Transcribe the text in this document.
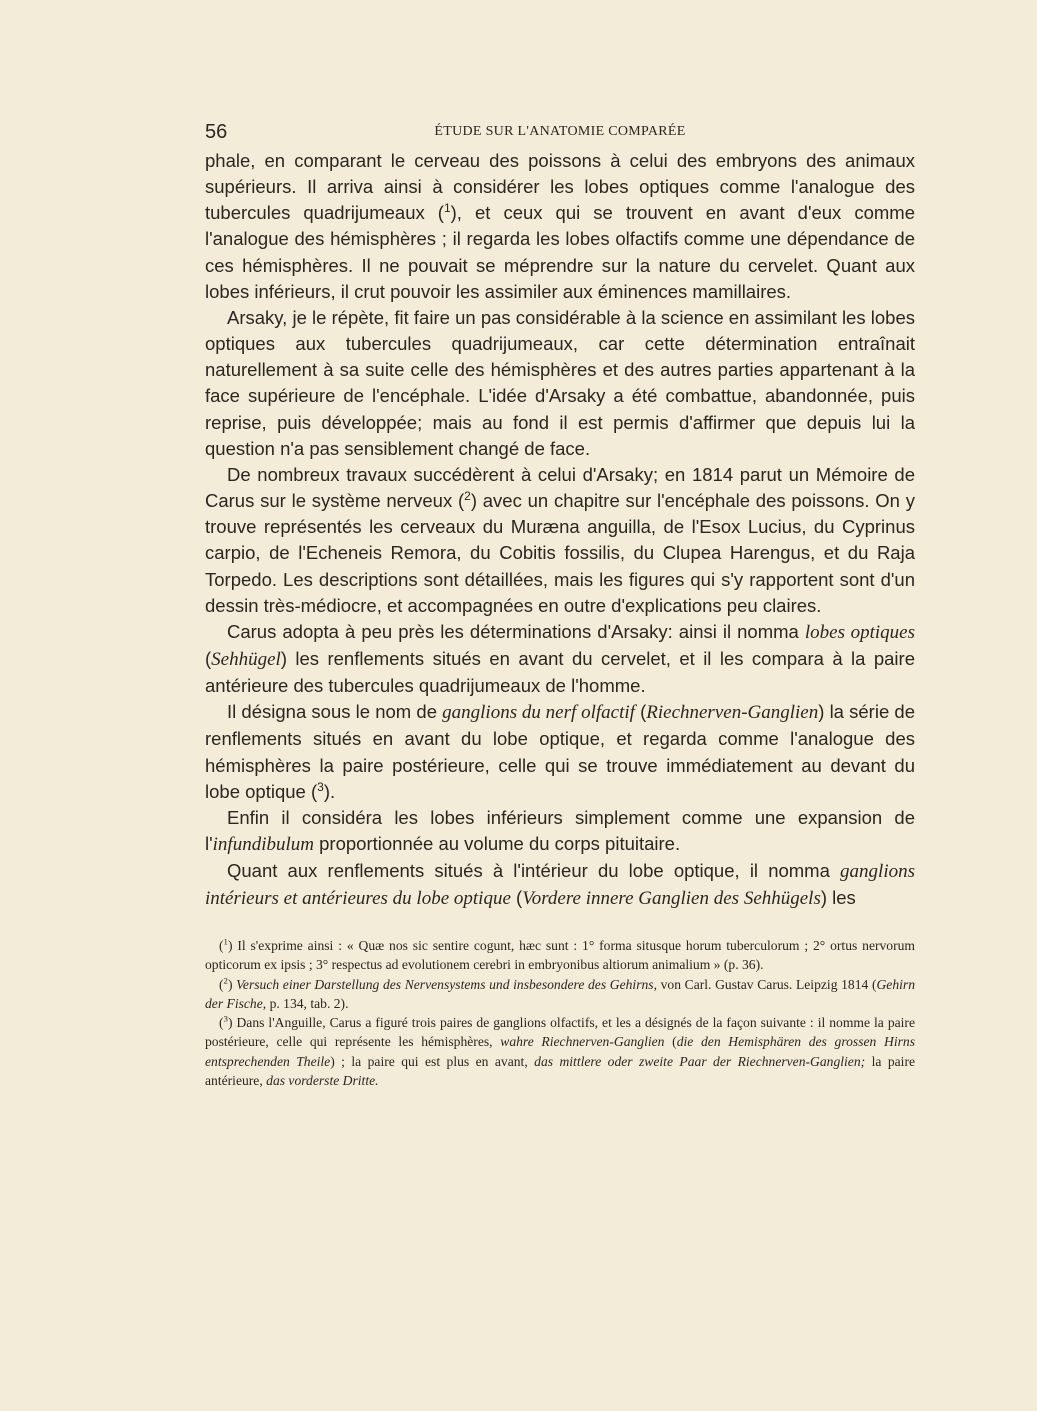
56	ÉTUDE SUR L'ANATOMIE COMPARÉE

phale, en comparant le cerveau des poissons à celui des embryons des animaux supérieurs. Il arriva ainsi à considérer les lobes optiques comme l'analogue des tubercules quadrijumeaux ($^1$), et ceux qui se trouvent en avant d'eux comme l'analogue des hémisphères ; il regarda les lobes olfactifs comme une dépendance de ces hémisphères. Il ne pouvait se méprendre sur la nature du cervelet. Quant aux lobes inférieurs, il crut pouvoir les assimiler aux éminences mamillaires.

Arsaky, je le répète, fit faire un pas considérable à la science en assimilant les lobes optiques aux tubercules quadrijumeaux, car cette détermination entraînait naturellement à sa suite celle des hémisphères et des autres parties appartenant à la face supérieure de l'encéphale. L'idée d'Arsaky a été combattue, abandonnée, puis reprise, puis développée; mais au fond il est permis d'affirmer que depuis lui la question n'a pas sensiblement changé de face.

De nombreux travaux succédèrent à celui d'Arsaky; en 1814 parut un Mémoire de Carus sur le système nerveux ($^2$) avec un chapitre sur l'encéphale des poissons. On y trouve représentés les cerveaux du Muræna anguilla, de l'Esox Lucius, du Cyprinus carpio, de l'Echeneis Remora, du Cobitis fossilis, du Clupea Harengus, et du Raja Torpedo. Les descriptions sont détaillées, mais les figures qui s'y rapportent sont d'un dessin très-médiocre, et accompagnées en outre d'explications peu claires.

Carus adopta à peu près les déterminations d'Arsaky: ainsi il nomma lobes optiques (Sehhügel) les renflements situés en avant du cervelet, et il les compara à la paire antérieure des tubercules quadrijumeaux de l'homme.

Il désigna sous le nom de ganglions du nerf olfactif (Riechnerven-Ganglien) la série de renflements situés en avant du lobe optique, et regarda comme l'analogue des hémisphères la paire postérieure, celle qui se trouve immédiatement au devant du lobe optique ($^3$).

Enfin il considéra les lobes inférieurs simplement comme une expansion de l'infundibulum proportionnée au volume du corps pituitaire.

Quant aux renflements situés à l'intérieur du lobe optique, il nomma ganglions intérieurs et antérieures du lobe optique (Vordere innere Ganglien des Sehhügels) les

($^1$) Il s'exprime ainsi : « Quæ nos sic sentire cogunt, hæc sunt : 1° forma situsque horum tuberculorum ; 2° ortus nervorum opticorum ex ipsis ; 3° respectus ad evolutionem cerebri in embryonibus altiorum animalium » (p. 36).

($^2$) Versuch einer Darstellung des Nervensystems und insbesondere des Gehirns, von Carl. Gustav Carus. Leipzig 1814 (Gehirn der Fische, p. 134, tab. 2).

($^3$) Dans l'Anguille, Carus a figuré trois paires de ganglions olfactifs, et les a désignés de la façon suivante : il nomme la paire postérieure, celle qui représente les hémisphères, wahre Riechnerven-Ganglien (die den Hemisphären des grossen Hirns entsprechenden Theile) ; la paire qui est plus en avant, das mittlere oder zweite Paar der Riechnerven-Ganglien; la paire antérieure, das vorderste Dritte.
